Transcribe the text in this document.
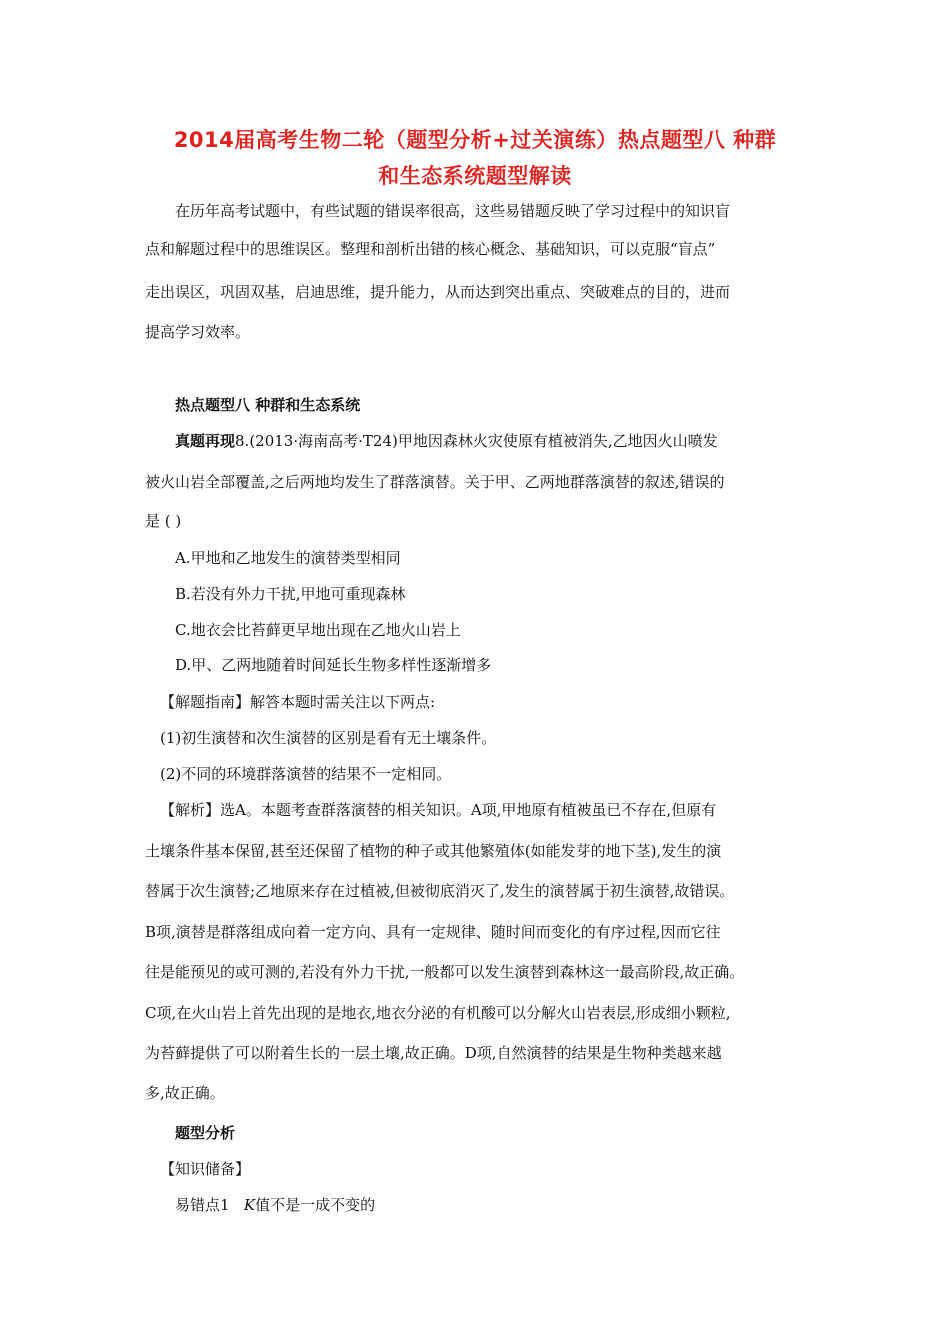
2014届高考生物二轮（题型分析+过关演练）热点题型八 种群
和生态系统题型解读
在历年高考试题中，有些试题的错误率很高，这些易错题反映了学习过程中的知识盲
点和解题过程中的思维误区。整理和剖析出错的核心概念、基础知识，可以克服“盲点”
走出误区，巩固双基，启迪思维，提升能力，从而达到突出重点、突破难点的目的，进而
提高学习效率。
热点题型八 种群和生态系统
真题再现8.(2013·海南高考·T24)甲地因森林火灾使原有植被消失,乙地因火山喷发
被火山岩全部覆盖,之后两地均发生了群落演替。关于甲、乙两地群落演替的叙述,错误的
是 ( )
A.甲地和乙地发生的演替类型相同
B.若没有外力干扰,甲地可重现森林
C.地衣会比苔藓更早地出现在乙地火山岩上
D.甲、乙两地随着时间延长生物多样性逐渐增多
【解题指南】解答本题时需关注以下两点:
(1)初生演替和次生演替的区别是看有无土壤条件。
(2)不同的环境群落演替的结果不一定相同。
【解析】选A。本题考查群落演替的相关知识。A项,甲地原有植被虽已不存在,但原有
土壤条件基本保留,甚至还保留了植物的种子或其他繁殖体(如能发芽的地下茎),发生的演
替属于次生演替;乙地原来存在过植被,但被彻底消灭了,发生的演替属于初生演替,故错误。
B项,演替是群落组成向着一定方向、具有一定规律、随时间而变化的有序过程,因而它往
往是能预见的或可测的,若没有外力干扰,一般都可以发生演替到森林这一最高阶段,故正确。
C项,在火山岩上首先出现的是地衣,地衣分泌的有机酸可以分解火山岩表层,形成细小颗粒,
为苔藓提供了可以附着生长的一层土壤,故正确。D项,自然演替的结果是生物种类越来越
多,故正确。
题型分析
【知识储备】
易错点1   K值不是一成不变的
